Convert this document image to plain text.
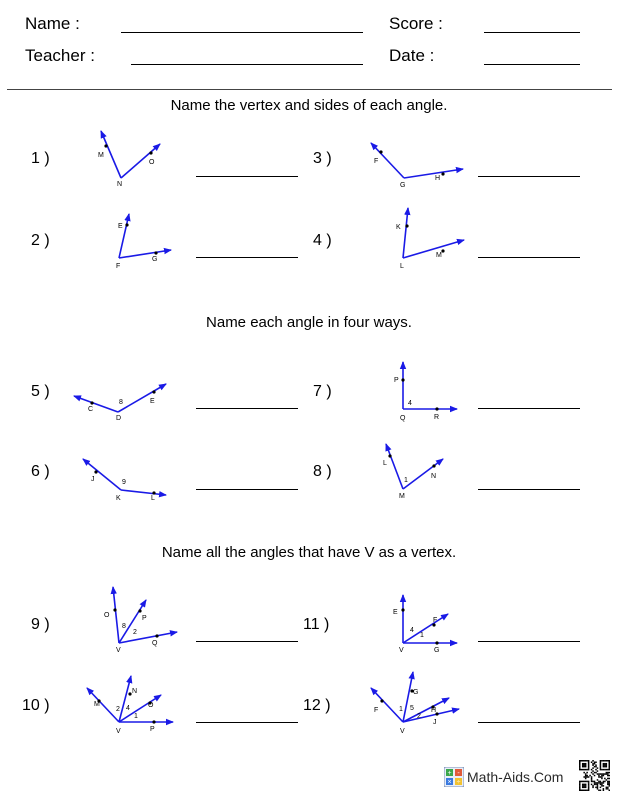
Name :
Teacher :
Score :
Date :
Name the vertex and sides of each angle.
Name each angle in four ways.
Name all the angles that have V as a vertex.
1 )
2 )
3 )
4 )
5 )
6 )
7 )
8 )
9 )
10 )
11 )
12 )
M
O
N
E
G
F
F
H
G
K
M
L
C
E
D
8
J
L
K
9
P
R
Q
4
L
N
M
1
O	P
Q
V
8
2
M
N
O
P
V
2 4
1
E
F
G
V
4
1
F
G
H
J
V
1 5
2
+ -
× ÷ Math-Aids.Com
